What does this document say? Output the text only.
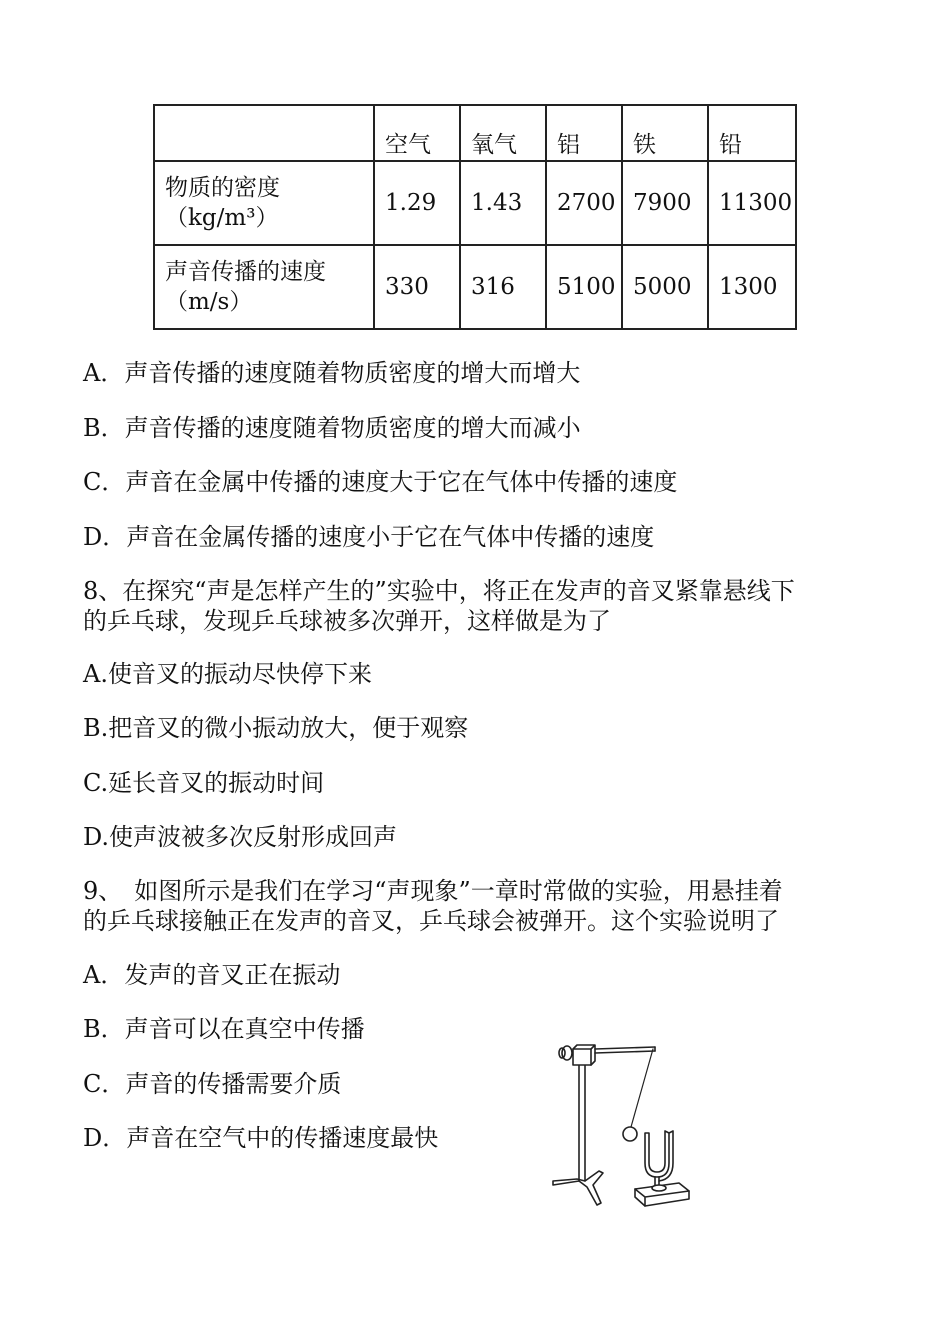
	空气	氧气	铝	铁	铅
物质的密度
（kg/m³）	1.29	1.43	2700	7900	11300
声音传播的速度
（m/s）	330	316	5100	5000	1300
A．声音传播的速度随着物质密度的增大而增大
B．声音传播的速度随着物质密度的增大而减小
C．声音在金属中传播的速度大于它在气体中传播的速度
D．声音在金属传播的速度小于它在气体中传播的速度
8、在探究“声是怎样产生的”实验中，将正在发声的音叉紧靠悬线下
的乒乓球，发现乒乓球被多次弹开，这样做是为了
A.使音叉的振动尽快停下来
B.把音叉的微小振动放大，便于观察
C.延长音叉的振动时间
D.使声波被多次反射形成回声
9、　如图所示是我们在学习“声现象”一章时常做的实验，用悬挂着
的乒乓球接触正在发声的音叉，乒乓球会被弹开。这个实验说明了
A．发声的音叉正在振动
B．声音可以在真空中传播
C．声音的传播需要介质
D．声音在空气中的传播速度最快
